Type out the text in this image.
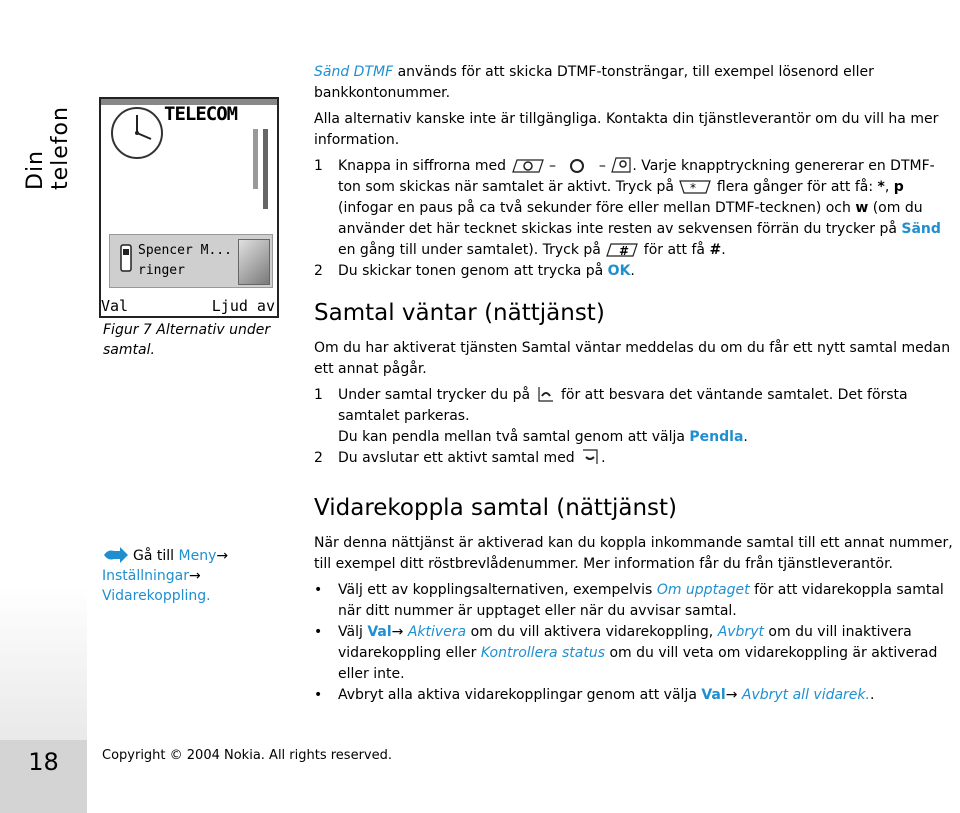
Din telefon
18
TELECOM
Spencer M...
ringer
Val	Ljud av
Figur 7 Alternativ under samtal.
Gå till Meny→
Inställningar→
Vidarekoppling.
Copyright © 2004 Nokia. All rights reserved.

Sänd DTMF används för att skicka DTMF-tonsträngar, till exempel lösenord eller bankkontonummer.

Alla alternativ kanske inte är tillgängliga. Kontakta din tjänstleverantör om du vill ha mer information.

1 Knappa in siffrorna med	–	– . Varje knapptryckning genererar en DTMF-ton som skickas när samtalet är aktivt. Tryck på * flera gånger för att få: *, p (infogar en paus på ca två sekunder före eller mellan DTMF-tecknen) och w (om du använder det här tecknet skickas inte resten av sekvensen förrän du trycker på Sänd en gång till under samtalet). Tryck på # för att få #.
2 Du skickar tonen genom att trycka på OK.
Samtal väntar (nättjänst)

Om du har aktiverat tjänsten Samtal väntar meddelas du om du får ett nytt samtal medan ett annat pågår.

1 Under samtal trycker du på för att besvara det väntande samtalet. Det första samtalet parkeras.
Du kan pendla mellan två samtal genom att välja Pendla.
2 Du avslutar ett aktivt samtal med .
Vidarekoppla samtal (nättjänst)

När denna nättjänst är aktiverad kan du koppla inkommande samtal till ett annat nummer, till exempel ditt röstbrevlådenummer. Mer information får du från tjänstleverantör.

• Välj ett av kopplingsalternativen, exempelvis Om upptaget för att vidarekoppla samtal när ditt nummer är upptaget eller när du avvisar samtal.
• Välj Val→ Aktivera om du vill aktivera vidarekoppling, Avbryt om du vill inaktivera vidarekoppling eller Kontrollera status om du vill veta om vidarekoppling är aktiverad eller inte.
• Avbryt alla aktiva vidarekopplingar genom att välja Val→ Avbryt all vidarek..
